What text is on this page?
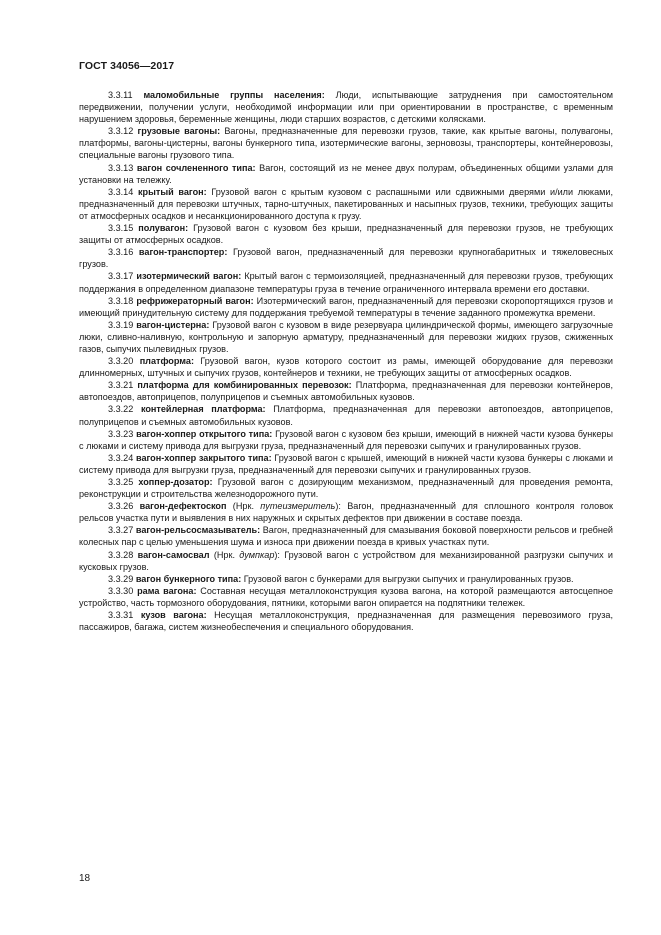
ГОСТ 34056—2017

3.3.11 маломобильные группы населения: Люди, испытывающие затруднения при самостоятельном передвижении, получении услуги, необходимой информации или при ориентировании в пространстве, с временным нарушением здоровья, беременные женщины, люди старших возрастов, с детскими колясками.

3.3.12 грузовые вагоны: Вагоны, предназначенные для перевозки грузов, такие, как крытые вагоны, полувагоны, платформы, вагоны-цистерны, вагоны бункерного типа, изотермические вагоны, зерновозы, транспортеры, контейнеровозы, специальные вагоны грузового типа.

3.3.13 вагон сочлененного типа: Вагон, состоящий из не менее двух полурам, объединенных общими узлами для установки на тележку.

3.3.14 крытый вагон: Грузовой вагон с крытым кузовом с распашными или сдвижными дверями и/или люками, предназначенный для перевозки штучных, тарно-штучных, пакетированных и насыпных грузов, техники, требующих защиты от атмосферных осадков и несанкционированного доступа к грузу.

3.3.15 полувагон: Грузовой вагон с кузовом без крыши, предназначенный для перевозки грузов, не требующих защиты от атмосферных осадков.

3.3.16 вагон-транспортер: Грузовой вагон, предназначенный для перевозки крупногабаритных и тяжеловесных грузов.

3.3.17 изотермический вагон: Крытый вагон с термоизоляцией, предназначенный для перевозки грузов, требующих поддержания в определенном диапазоне температуры груза в течение ограниченного интервала времени его доставки.

3.3.18 рефрижераторный вагон: Изотермический вагон, предназначенный для перевозки скоропортящихся грузов и имеющий принудительную систему для поддержания требуемой температуры в течение заданного промежутка времени.

3.3.19 вагон-цистерна: Грузовой вагон с кузовом в виде резервуара цилиндрической формы, имеющего загрузочные люки, сливно-наливную, контрольную и запорную арматуру, предназначенный для перевозки жидких грузов, сжиженных газов, сыпучих пылевидных грузов.

3.3.20 платформа: Грузовой вагон, кузов которого состоит из рамы, имеющей оборудование для перевозки длинномерных, штучных и сыпучих грузов, контейнеров и техники, не требующих защиты от атмосферных осадков.

3.3.21 платформа для комбинированных перевозок: Платформа, предназначенная для перевозки контейнеров, автопоездов, автоприцепов, полуприцепов и съемных автомобильных кузовов.

3.3.22 контейлерная платформа: Платформа, предназначенная для перевозки автопоездов, автоприцепов, полуприцепов и съемных автомобильных кузовов.

3.3.23 вагон-хоппер открытого типа: Грузовой вагон с кузовом без крыши, имеющий в нижней части кузова бункеры с люками и систему привода для выгрузки груза, предназначенный для перевозки сыпучих и гранулированных грузов.

3.3.24 вагон-хоппер закрытого типа: Грузовой вагон с крышей, имеющий в нижней части кузова бункеры с люками и систему привода для выгрузки груза, предназначенный для перевозки сыпучих и гранулированных грузов.

3.3.25 хоппер-дозатор: Грузовой вагон с дозирующим механизмом, предназначенный для проведения ремонта, реконструкции и строительства железнодорожного пути.

3.3.26 вагон-дефектоскоп (Нрк. путеизмеритель): Вагон, предназначенный для сплошного контроля головок рельсов участка пути и выявления в них наружных и скрытых дефектов при движении в составе поезда.

3.3.27 вагон-рельсосмазыватель: Вагон, предназначенный для смазывания боковой поверхности рельсов и гребней колесных пар с целью уменьшения шума и износа при движении поезда в кривых участках пути.

3.3.28 вагон-самосвал (Нрк. думпкар): Грузовой вагон с устройством для механизированной разгрузки сыпучих и кусковых грузов.

3.3.29 вагон бункерного типа: Грузовой вагон с бункерами для выгрузки сыпучих и гранулированных грузов.

3.3.30 рама вагона: Составная несущая металлоконструкция кузова вагона, на которой размещаются автосцепное устройство, часть тормозного оборудования, пятники, которыми вагон опирается на подпятники тележек.

3.3.31 кузов вагона: Несущая металлоконструкция, предназначенная для размещения перевозимого груза, пассажиров, багажа, систем жизнеобеспечения и специального оборудования.

18
